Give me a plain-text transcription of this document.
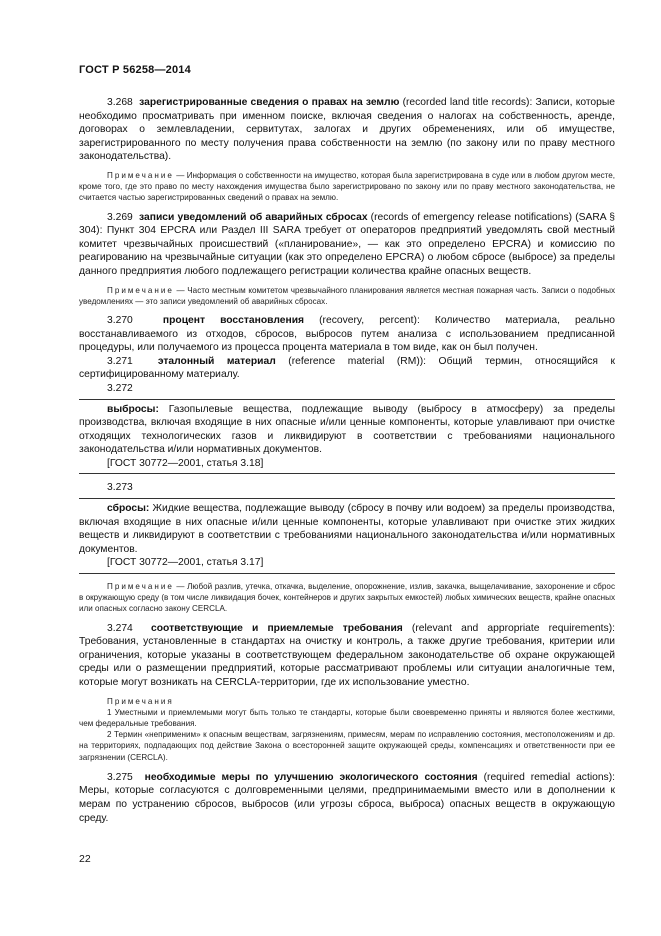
ГОСТ Р 56258—2014

3.268 зарегистрированные сведения о правах на землю (recorded land title records): Записи, которые необходимо просматривать при именном поиске, включая сведения о налогах на собственность, аренде, договорах о землевладении, сервитутах, залогах и других обременениях, или об имуществе, зарегистрированного по месту получения права собственности на землю (по закону или по праву местного законодательства).

Примечание — Информация о собственности на имущество, которая была зарегистрирована в суде или в любом другом месте, кроме того, где это право по месту нахождения имущества было зарегистрировано по закону или по праву местного законодательства, не считается частью зарегистрированных сведений о правах на землю.

3.269 записи уведомлений об аварийных сбросах (records of emergency release notifications) (SARA § 304): Пункт 304 EPCRA или Раздел III SARA требует от операторов предприятий уведомлять свой местный комитет чрезвычайных происшествий («планирование», — как это определено EPCRA) и комиссию по реагированию на чрезвычайные ситуации (как это определено EPCRA) о любом сбросе (выбросе) за пределы данного предприятия любого подлежащего регистрации количества крайне опасных веществ.

Примечание — Часто местным комитетом чрезвычайного планирования является местная пожарная часть. Записи о подобных уведомлениях — это записи уведомлений об аварийных сбросах.

3.270	процент восстановления (recovery, percent): Количество материала, реально восстанавливаемого из отходов, сбросов, выбросов путем анализа с использованием предписанной процедуры, или получаемого из процесса процента материала в том виде, как он был получен.

3.271 эталонный материал (reference material (RM)): Общий термин, относящийся к сертифицированному материалу.

3.272

выбросы: Газопылевые вещества, подлежащие выводу (выбросу в атмосферу) за пределы производства, включая входящие в них опасные и/или ценные компоненты, которые улавливают при очистке отходящих технологических газов и ликвидируют в соответствии с требованиями национального законодательства и/или нормативных документов.

[ГОСТ 30772—2001, статья 3.18]

3.273

сбросы: Жидкие вещества, подлежащие выводу (сбросу в почву или водоем) за пределы производства, включая входящие в них опасные и/или ценные компоненты, которые улавливают при очистке этих жидких веществ и ликвидируют в соответствии с требованиями национального законодательства и/или нормативных документов.

[ГОСТ 30772—2001, статья 3.17]

Примечание — Любой разлив, утечка, откачка, выделение, опорожнение, излив, закачка, выщелачивание, захоронение и сброс в окружающую среду (в том числе ликвидация бочек, контейнеров и других закрытых емкостей) любых химических веществ, крайне опасных или опасных согласно закону CERCLA.

3.274 соответствующие и приемлемые требования (relevant and appropriate requirements): Требования, установленные в стандартах на очистку и контроль, а также другие требования, критерии или ограничения, которые указаны в соответствующем федеральном законодательстве об охране окружающей среды или о размещении предприятий, которые рассматривают проблемы или ситуации аналогичные тем, которые могут возникать на CERCLA-территории, где их использование уместно.

Примечания

1 Уместными и приемлемыми могут быть только те стандарты, которые были своевременно приняты и являются более жесткими, чем федеральные требования.

2 Термин «неприменим» к опасным веществам, загрязнениям, примесям, мерам по исправлению состояния, местоположениям и др. на территориях, подпадающих под действие Закона о всесторонней защите окружающей среды, компенсациях и ответственности при ее загрязнении (CERCLA).

3.275 необходимые меры по улучшению экологического состояния (required remedial actions): Меры, которые согласуются с долговременными целями, предпринимаемыми вместо или в дополнении к мерам по устранению сбросов, выбросов (или угрозы сброса, выброса) опасных веществ в окружающую среду.

22
